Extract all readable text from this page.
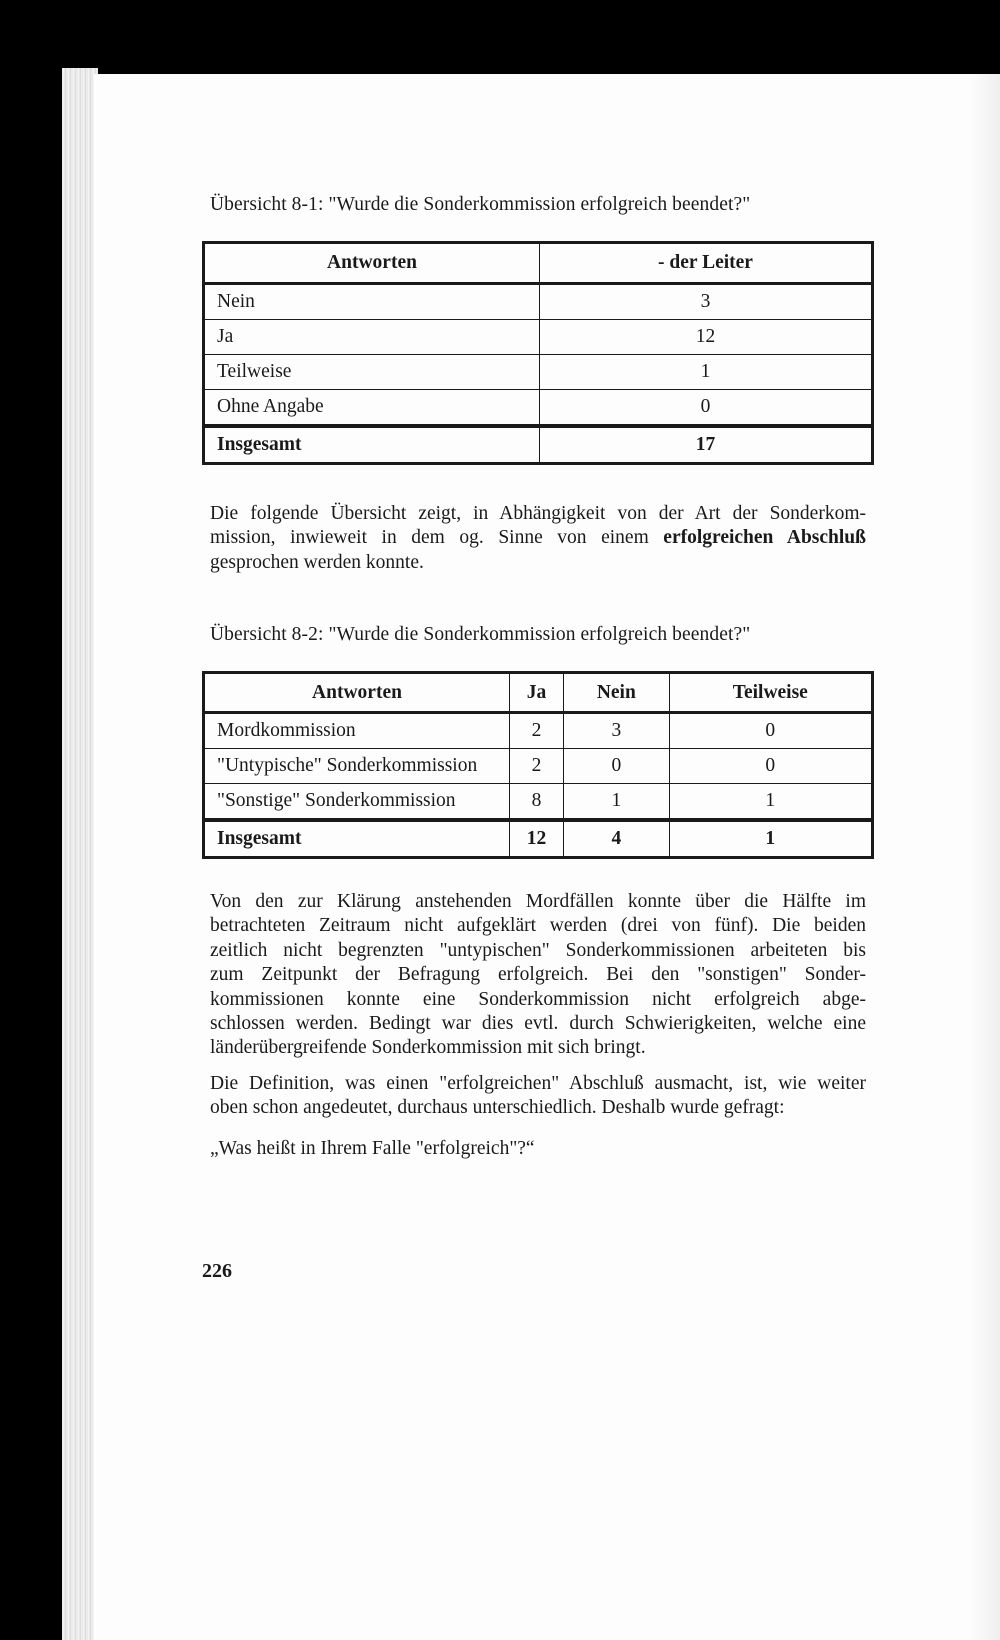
Übersicht 8-1: "Wurde die Sonderkommission erfolgreich beendet?"
Antworten	- der Leiter
Nein	3
Ja	12
Teilweise	1
Ohne Angabe	0
Insgesamt	17
Die folgende Übersicht zeigt, in Abhängigkeit von der Art der Sonderkom-
mission, inwieweit in dem og. Sinne von einem erfolgreichen Abschluß
gesprochen werden konnte.
Übersicht 8-2: "Wurde die Sonderkommission erfolgreich beendet?"
Antworten	Ja	Nein	Teilweise
Mordkommission	2	3	0
"Untypische" Sonderkommission	2	0	0
"Sonstige" Sonderkommission	8	1	1
Insgesamt	12	4	1
Von den zur Klärung anstehenden Mordfällen konnte über die Hälfte im
betrachteten Zeitraum nicht aufgeklärt werden (drei von fünf). Die beiden
zeitlich nicht begrenzten "untypischen" Sonderkommissionen arbeiteten bis
zum Zeitpunkt der Befragung erfolgreich. Bei den "sonstigen" Sonder-
kommissionen konnte eine Sonderkommission nicht erfolgreich abge-
schlossen werden. Bedingt war dies evtl. durch Schwierigkeiten, welche eine
länderübergreifende Sonderkommission mit sich bringt.
Die Definition, was einen "erfolgreichen" Abschluß ausmacht, ist, wie weiter
oben schon angedeutet, durchaus unterschiedlich. Deshalb wurde gefragt:
„Was heißt in Ihrem Falle "erfolgreich"?“
226
